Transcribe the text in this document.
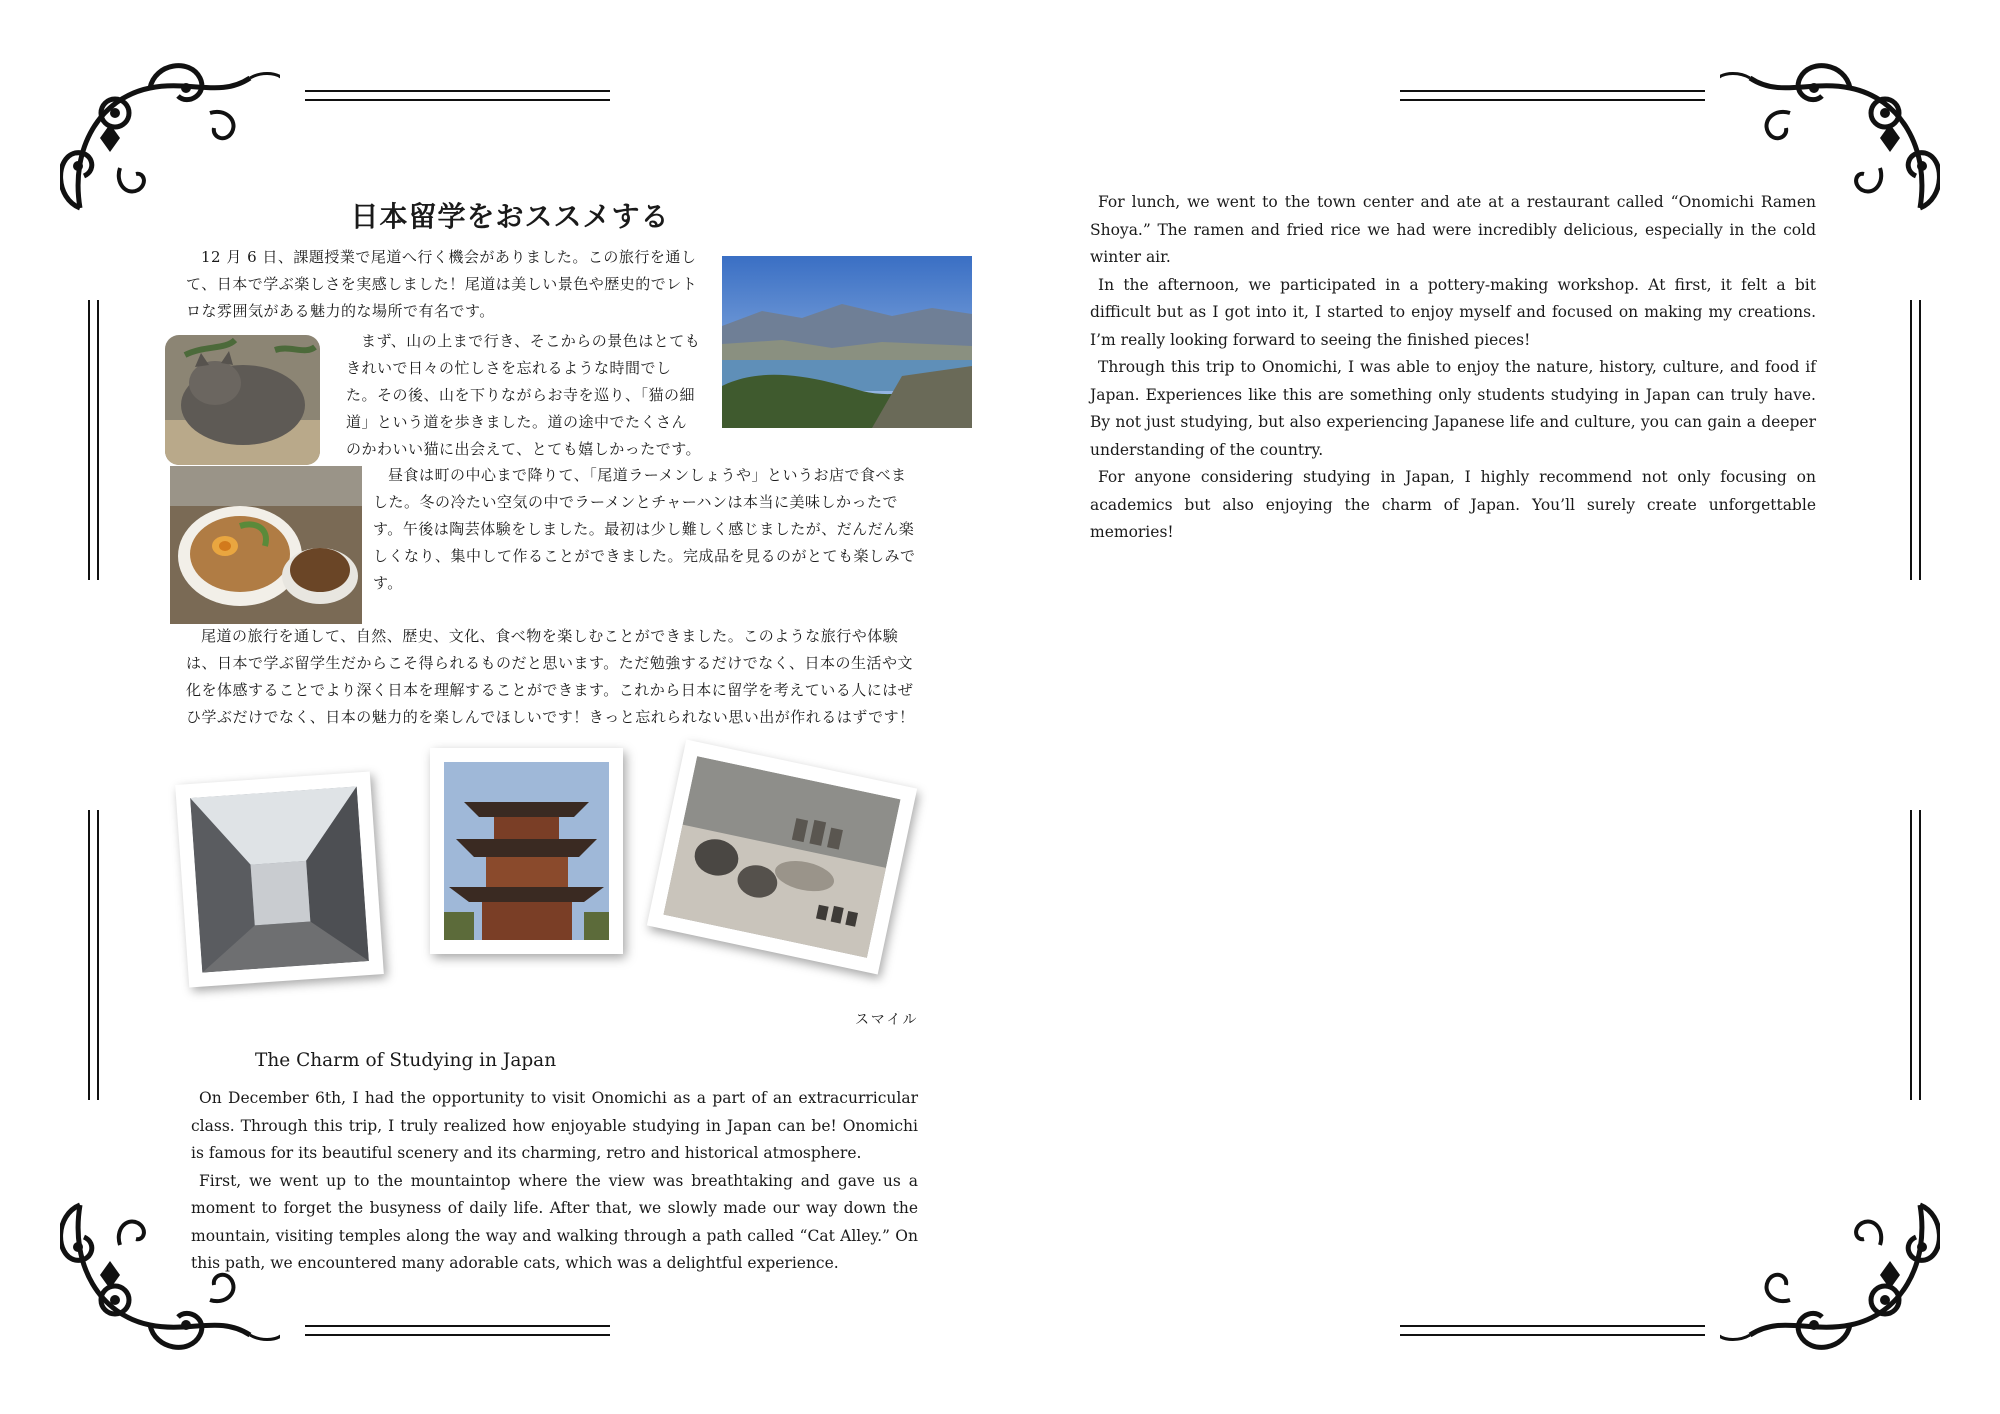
日本留学をおススメする
12 月 6 日、課題授業で尾道へ行く機会がありました。この旅行を通して、日本で学ぶ楽しさを実感しました！尾道は美しい景色や歴史的でレトロな雰囲気がある魅力的な場所で有名です。
まず、山の上まで行き、そこからの景色はとてもきれいで日々の忙しさを忘れるような時間でした。その後、山を下りながらお寺を巡り、「猫の細道」という道を歩きました。道の途中でたくさんのかわいい猫に出会えて、とても嬉しかったです。
昼食は町の中心まで降りて、「尾道ラーメンしょうや」というお店で食べました。冬の冷たい空気の中でラーメンとチャーハンは本当に美味しかったです。午後は陶芸体験をしました。最初は少し難しく感じましたが、だんだん楽しくなり、集中して作ることができました。完成品を見るのがとても楽しみです。
尾道の旅行を通して、自然、歴史、文化、食べ物を楽しむことができました。このような旅行や体験は、日本で学ぶ留学生だからこそ得られるものだと思います。ただ勉強するだけでなく、日本の生活や文化を体感することでより深く日本を理解することができます。これから日本に留学を考えている人にはぜひ学ぶだけでなく、日本の魅力的を楽しんでほしいです！きっと忘れられない思い出が作れるはずです！
スマイル
The Charm of Studying in Japan

On December 6th, I had the opportunity to visit Onomichi as a part of an extracurricular class. Through this trip, I truly realized how enjoyable studying in Japan can be! Onomichi is famous for its beautiful scenery and its charming, retro and historical atmosphere.

First, we went up to the mountaintop where the view was breathtaking and gave us a moment to forget the busyness of daily life. After that, we slowly made our way down the mountain, visiting temples along the way and walking through a path called “Cat Alley.” On this path, we encountered many adorable cats, which was a delightful experience.

For lunch, we went to the town center and ate at a restaurant called “Onomichi Ramen Shoya.” The ramen and fried rice we had were incredibly delicious, especially in the cold winter air.

In the afternoon, we participated in a pottery-making workshop. At first, it felt a bit difficult but as I got into it, I started to enjoy myself and focused on making my creations. I’m really looking forward to seeing the finished pieces!

Through this trip to Onomichi, I was able to enjoy the nature, history, culture, and food if Japan. Experiences like this are something only students studying in Japan can truly have. By not just studying, but also experiencing Japanese life and culture, you can gain a deeper understanding of the country.

For anyone considering studying in Japan, I highly recommend not only focusing on academics but also enjoying the charm of Japan. You’ll surely create unforgettable memories!
